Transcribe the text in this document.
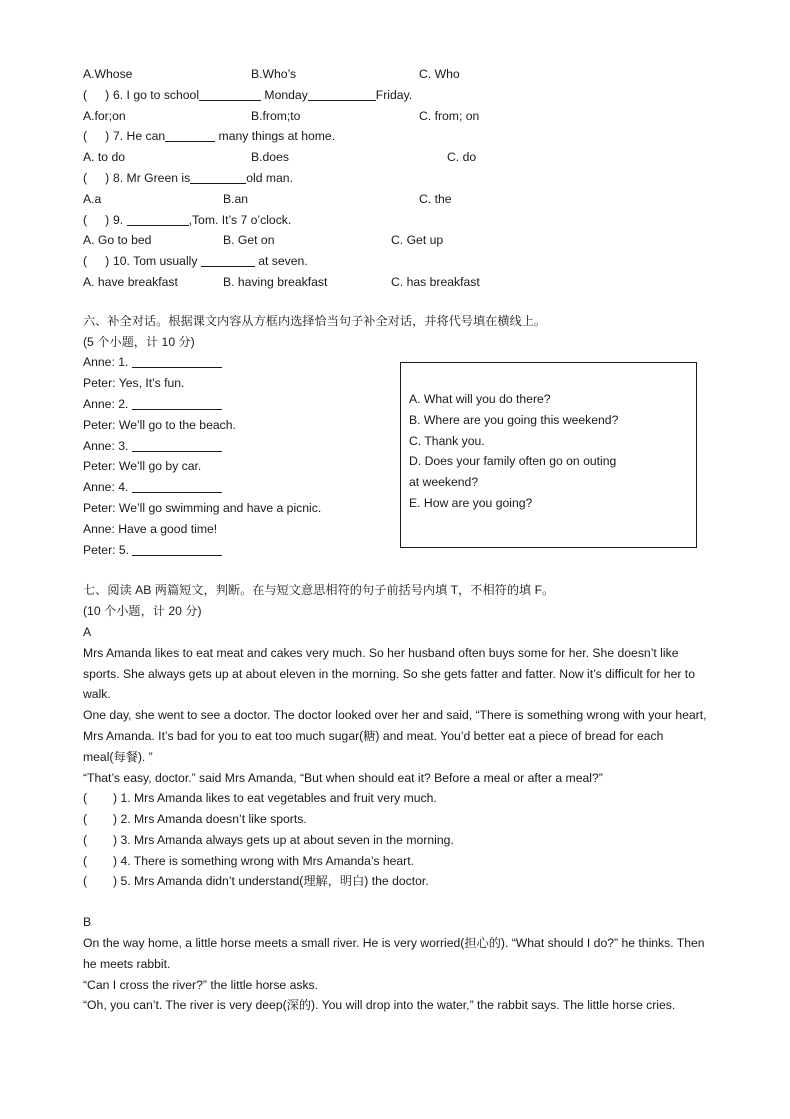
A.Whose	B.Who’s	C. Who
( ) 6. I go to school	Monday	Friday.
A.for;on	B.from;to	C. from; on
( ) 7. He can	many things at home.
A. to do	B.does	C. do
( ) 8. Mr Green is	old man.
A.a	B.an	C. the
( ) 9.	,Tom. It’s 7 o’clock.
A. Go to bed	B. Get on	C. Get up
( ) 10. Tom usually	at seven.
A. have breakfast	B. having breakfast	C. has breakfast
六、补全对话。根据课文内容从方框内选择恰当句子补全对话，并将代号填在横线上。
(5 个小题，计 10 分)
Anne: 1.
Peter: Yes, It’s fun.
Anne: 2.
Peter: We’ll go to the beach.
Anne: 3.
Peter: We’ll go by car.
Anne: 4.
Peter: We’ll go swimming and have a picnic.
Anne: Have a good time!
Peter: 5.
A. What will you do there?
B. Where are you going this weekend?
C. Thank you.
D. Does your family often go on outing
at weekend?
E. How are you going?
七、阅读 AB 两篇短文，判断。在与短文意思相符的句子前括号内填 T，不相符的填 F。
(10 个小题，计 20 分)
A
Mrs Amanda likes to eat meat and cakes very much. So her husband often buys some for her. She doesn’t like sports. She always gets up at about eleven in the morning. So she gets fatter and fatter. Now it’s difficult for her to walk.
One day, she went to see a doctor. The doctor looked over her and said, “There is something wrong with your heart, Mrs Amanda. It’s bad for you to eat too much sugar(糖) and meat. You’d better eat a piece of bread for each meal(每餐). ”
“That’s easy, doctor.” said Mrs Amanda, “But when should eat it? Before a meal or after a meal?”
( ) 1. Mrs Amanda likes to eat vegetables and fruit very much.
( ) 2. Mrs Amanda doesn’t like sports.
( ) 3. Mrs Amanda always gets up at about seven in the morning.
( ) 4. There is something wrong with Mrs Amanda’s heart.
( ) 5. Mrs Amanda didn’t understand(理解，明白) the doctor.
B
On the way home, a little horse meets a small river. He is very worried(担心的). “What should I do?” he thinks. Then he meets rabbit.
“Can I cross the river?” the little horse asks.
“Oh, you can’t. The river is very deep(深的). You will drop into the water,” the rabbit says. The little horse cries.
